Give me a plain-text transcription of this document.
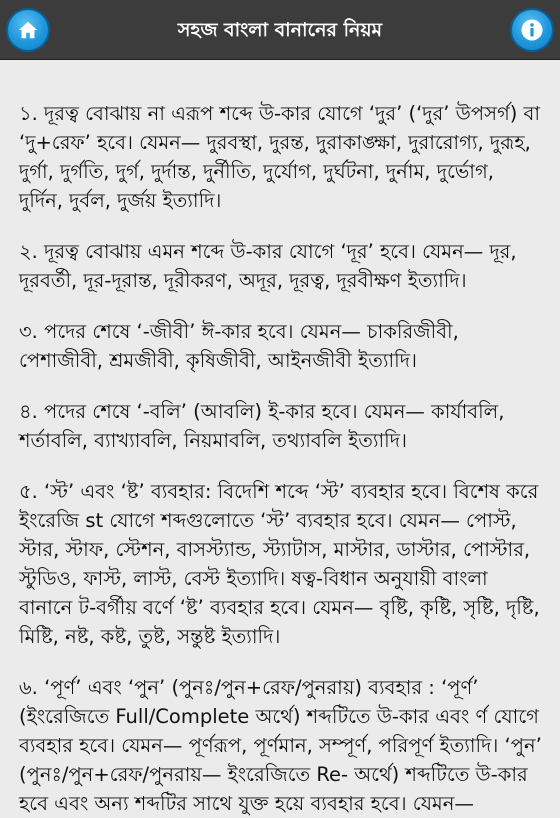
সহজ বাংলা বানানের নিয়ম

১. দূরত্ব বোঝায় না এরূপ শব্দে উ-কার যোগে ‘দুর’ (‘দুর’ উপসর্গ) বা ‘দু+রেফ’ হবে। যেমন— দুরবস্থা, দুরন্ত, দুরাকাঙ্ক্ষা, দুরারোগ্য, দুরূহ, দুর্গা, দুর্গতি, দুর্গ, দুর্দান্ত, দুর্নীতি, দুর্যোগ, দুর্ঘটনা, দুর্নাম, দুর্ভোগ, দুর্দিন, দুর্বল, দুর্জয় ইত্যাদি।

২. দূরত্ব বোঝায় এমন শব্দে উ-কার যোগে ‘দূর’ হবে। যেমন— দূর, দূরবর্তী, দূর-দূরান্ত, দূরীকরণ, অদূর, দূরত্ব, দূরবীক্ষণ ইত্যাদি।

৩. পদের শেষে ‘-জীবী’ ঈ-কার হবে। যেমন— চাকরিজীবী, পেশাজীবী, শ্রমজীবী, কৃষিজীবী, আইনজীবী ইত্যাদি।

৪. পদের শেষে ‘-বলি’ (আবলি) ই-কার হবে। যেমন— কার্যাবলি, শর্তাবলি, ব্যাখ্যাবলি, নিয়মাবলি, তথ্যাবলি ইত্যাদি।

৫. ‘স্ট’ এবং ‘ষ্ট’ ব্যবহার: বিদেশি শব্দে ‘স্ট’ ব্যবহার হবে। বিশেষ করে ইংরেজি st যোগে শব্দগুলোতে ‘স্ট’ ব্যবহার হবে। যেমন— পোস্ট, স্টার, স্টাফ, স্টেশন, বাসস্ট্যান্ড, স্ট্যাটাস, মাস্টার, ডাস্টার, পোস্টার, স্টুডিও, ফাস্ট, লাস্ট, বেস্ট ইত্যাদি। ষত্ব-বিধান অনুযায়ী বাংলা বানানে ট-বর্গীয় বর্ণে ‘ষ্ট’ ব্যবহার হবে। যেমন— বৃষ্টি, কৃষ্টি, সৃষ্টি, দৃষ্টি, মিষ্টি, নষ্ট, কষ্ট, তুষ্ট, সন্তুষ্ট ইত্যাদি।

৬. ‘পূর্ণ’ এবং ‘পুন’ (পুনঃ/পুন+রেফ/পুনরায়) ব্যবহার : ‘পূর্ণ’ (ইংরেজিতে Full/Complete অর্থে) শব্দটিতে উ-কার এবং র্ণ যোগে ব্যবহার হবে। যেমন— পূর্ণরূপ, পূর্ণমান, সম্পূর্ণ, পরিপূর্ণ ইত্যাদি। ‘পুন’ (পুনঃ/পুন+রেফ/পুনরায়— ইংরেজিতে Re- অর্থে) শব্দটিতে উ-কার হবে এবং অন্য শব্দটির সাথে যুক্ত হয়ে ব্যবহার হবে। যেমন—
